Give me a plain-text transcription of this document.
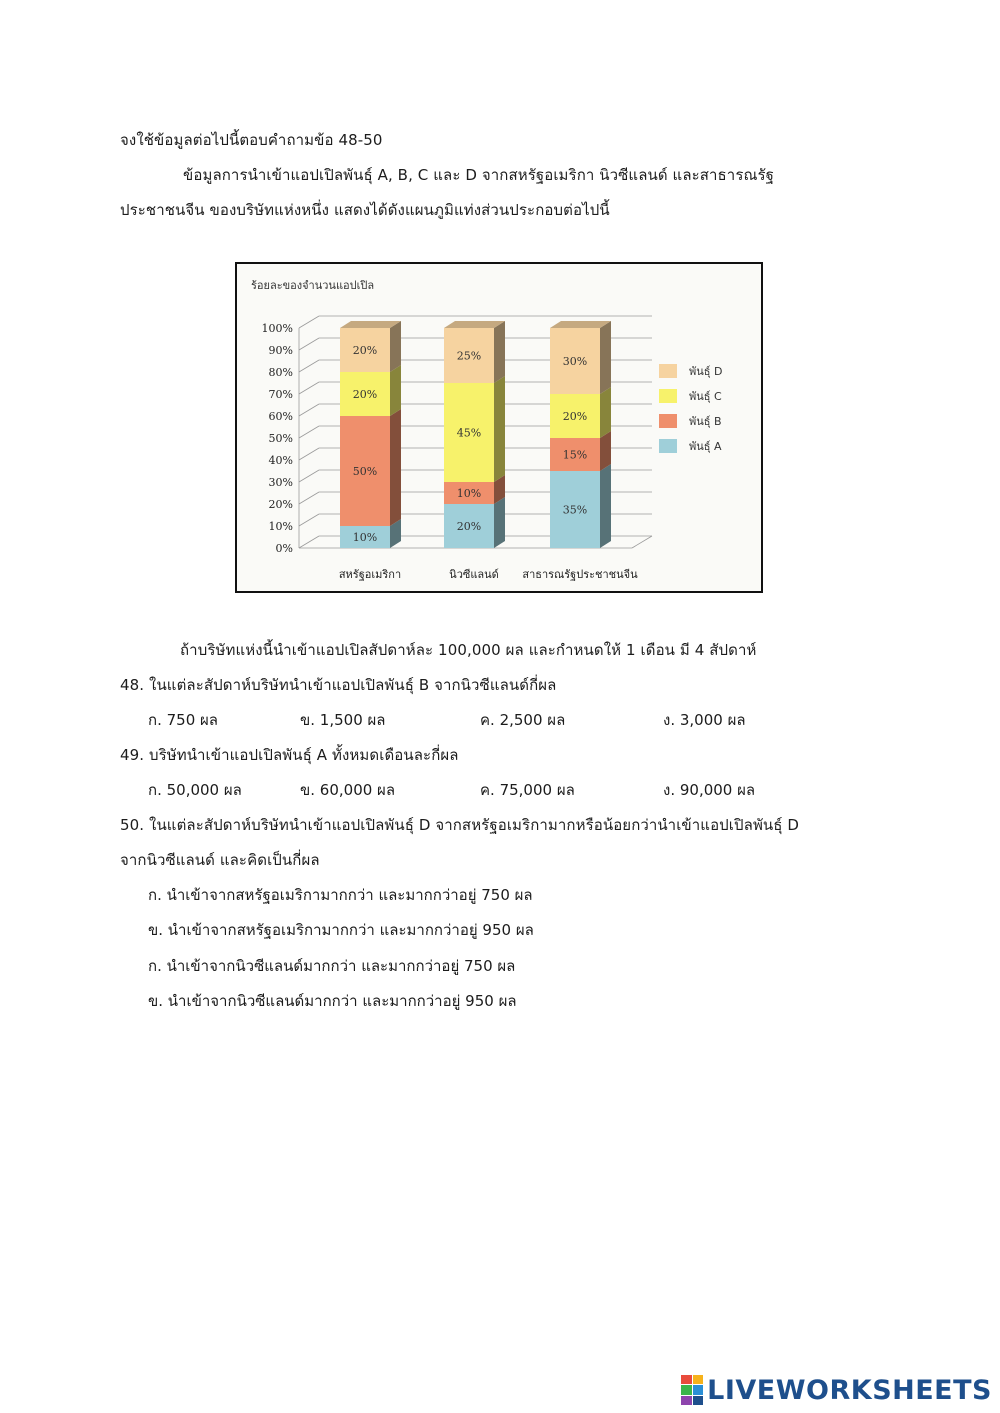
จงใช้ข้อมูลต่อไปนี้ตอบคำถามข้อ 48-50
ข้อมูลการนำเข้าแอปเปิลพันธุ์ A, B, C และ D จากสหรัฐอเมริกา นิวซีแลนด์ และสาธารณรัฐ
ประชาชนจีน ของบริษัทแห่งหนึ่ง แสดงได้ดังแผนภูมิแท่งส่วนประกอบต่อไปนี้
ร้อยละของจำนวนแอปเปิล
0%
10%
20%
30%
40%
50%
60%
70%
80%
90%
100%
10%
50%
20%
20%
สหรัฐอเมริกา
20%
10%
45%
25%
นิวซีแลนด์
35%
15%
20%
30%
สาธารณรัฐประชาชนจีน
พันธุ์ D
พันธุ์ C
พันธุ์ B
พันธุ์ A
ถ้าบริษัทแห่งนี้นำเข้าแอปเปิลสัปดาห์ละ 100,000 ผล และกำหนดให้ 1 เดือน มี 4 สัปดาห์
48. ในแต่ละสัปดาห์บริษัทนำเข้าแอปเปิลพันธุ์ B จากนิวซีแลนด์กี่ผล
ก. 750 ผล	ข. 1,500 ผล	ค. 2,500 ผล	ง. 3,000 ผล
49. บริษัทนำเข้าแอปเปิลพันธุ์ A ทั้งหมดเดือนละกี่ผล
ก. 50,000 ผล	ข. 60,000 ผล	ค. 75,000 ผล	ง. 90,000 ผล
50. ในแต่ละสัปดาห์บริษัทนำเข้าแอปเปิลพันธุ์ D จากสหรัฐอเมริกามากหรือน้อยกว่านำเข้าแอปเปิลพันธุ์ D
จากนิวซีแลนด์ และคิดเป็นกี่ผล
ก. นำเข้าจากสหรัฐอเมริกามากกว่า และมากกว่าอยู่ 750 ผล
ข. นำเข้าจากสหรัฐอเมริกามากกว่า และมากกว่าอยู่ 950 ผล
ก. นำเข้าจากนิวซีแลนด์มากกว่า และมากกว่าอยู่ 750 ผล
ข. นำเข้าจากนิวซีแลนด์มากกว่า และมากกว่าอยู่ 950 ผล
LIVEWORKSHEETS
